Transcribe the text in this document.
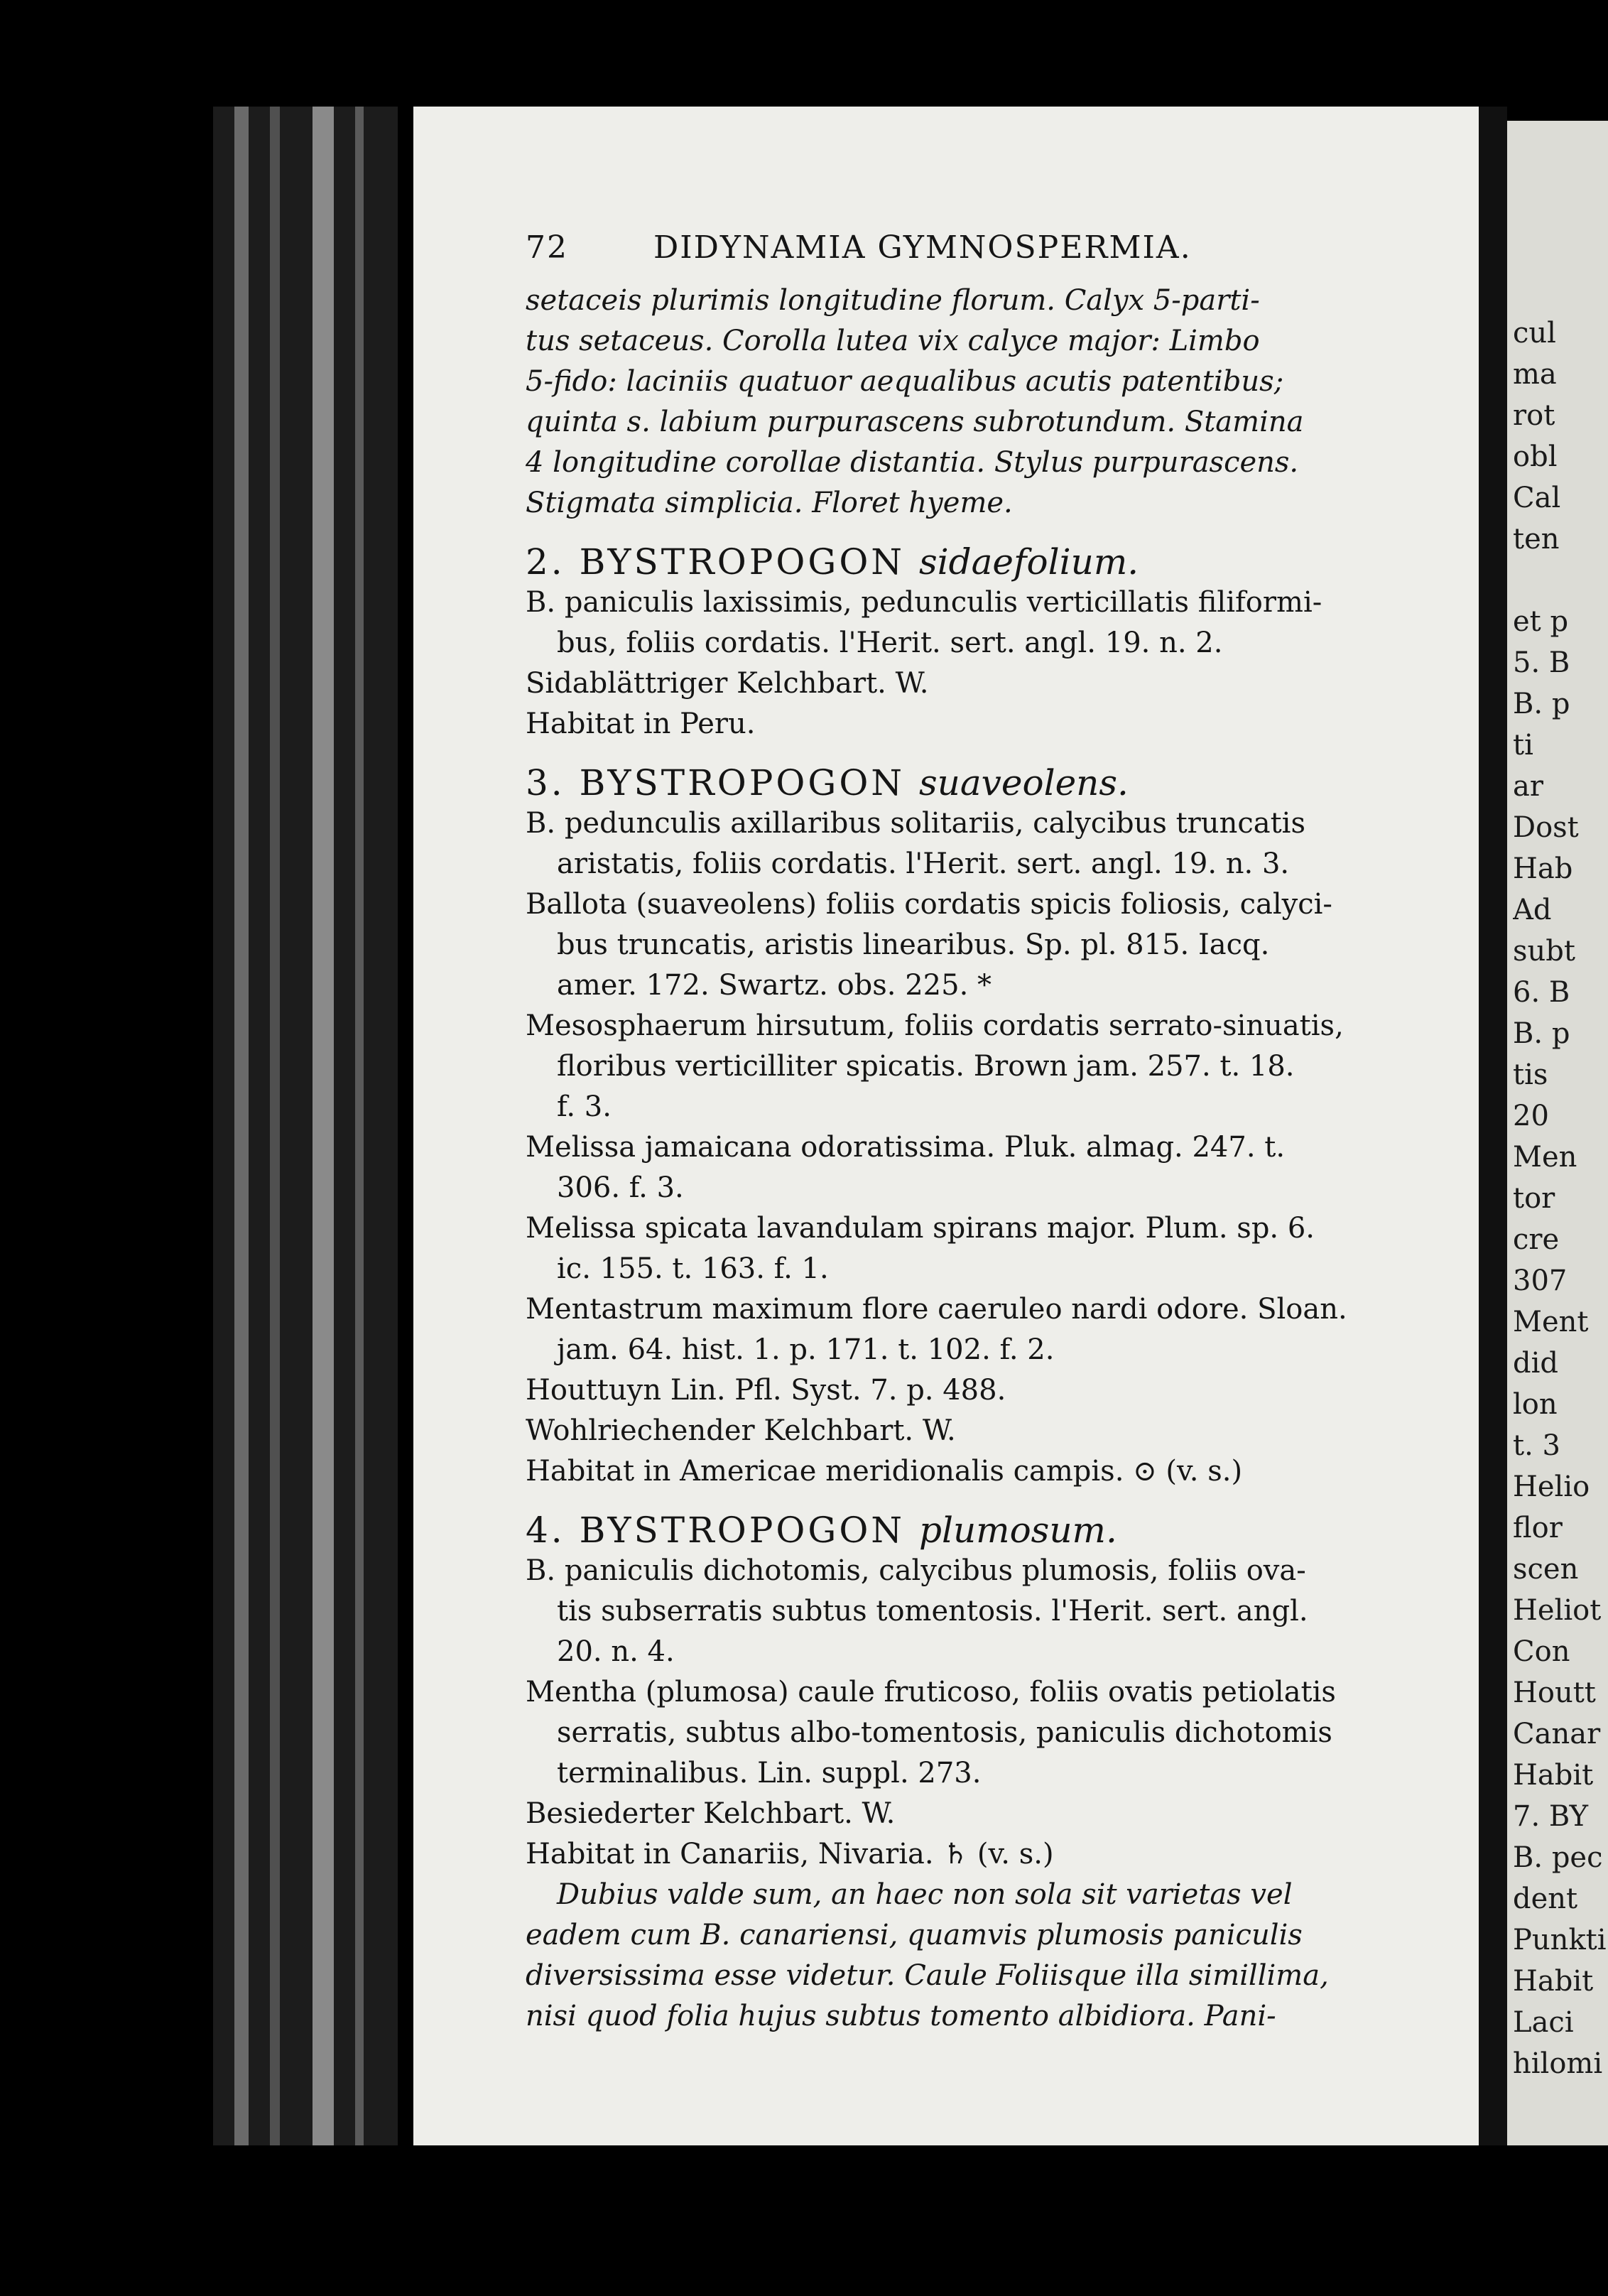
72	DIDYNAMIA GYMNOSPERMIA.
setaceis plurimis longitudine florum. Calyx 5-parti-
tus setaceus. Corolla lutea vix calyce major: Limbo
5-fido: laciniis quatuor aequalibus acutis patentibus;
quinta s. labium purpurascens subrotundum. Stamina
4 longitudine corollae distantia. Stylus purpurascens.
Stigmata simplicia. Floret hyeme.
2. BYSTROPOGON sidaefolium.
B. paniculis laxissimis, pedunculis verticillatis filiformi-
bus, foliis cordatis. l'Herit. sert. angl. 19. n. 2.
Sidablättriger Kelchbart. W.
Habitat in Peru.
3. BYSTROPOGON suaveolens.
B. pedunculis axillaribus solitariis, calycibus truncatis
aristatis, foliis cordatis. l'Herit. sert. angl. 19. n. 3.
Ballota (suaveolens) foliis cordatis spicis foliosis, calyci-
bus truncatis, aristis linearibus. Sp. pl. 815. Iacq.
amer. 172. Swartz. obs. 225. *
Mesosphaerum hirsutum, foliis cordatis serrato-sinuatis,
floribus verticilliter spicatis. Brown jam. 257. t. 18.
f. 3.
Melissa jamaicana odoratissima. Pluk. almag. 247. t.
306. f. 3.
Melissa spicata lavandulam spirans major. Plum. sp. 6.
ic. 155. t. 163. f. 1.
Mentastrum maximum flore caeruleo nardi odore. Sloan.
jam. 64. hist. 1. p. 171. t. 102. f. 2.
Houttuyn Lin. Pfl. Syst. 7. p. 488.
Wohlriechender Kelchbart. W.
Habitat in Americae meridionalis campis. ⊙ (v. s.)
4. BYSTROPOGON plumosum.
B. paniculis dichotomis, calycibus plumosis, foliis ova-
tis subserratis subtus tomentosis. l'Herit. sert. angl.
20. n. 4.
Mentha (plumosa) caule fruticoso, foliis ovatis petiolatis
serratis, subtus albo-tomentosis, paniculis dichotomis
terminalibus. Lin. suppl. 273.
Besiederter Kelchbart. W.
Habitat in Canariis, Nivaria. ♄ (v. s.)
Dubius valde sum, an haec non sola sit varietas vel
eadem cum B. canariensi, quamvis plumosis paniculis
diversissima esse videtur. Caule Foliisque illa simillima,
nisi quod folia hujus subtus tomento albidiora. Pani-
cul
ma
rot
obl
Cal
ten

et p
5. B
B. p
ti
ar
Dost
Hab
Ad
subt
6. B
B. p
tis
20
Men
tor
cre
307
Ment
did
lon
t. 3
Helio
flor
scen
Heliot
Con
Houtt
Canar
Habit
7. BY
B. pec
dent
Punkti
Habit
Laci
hilomi
